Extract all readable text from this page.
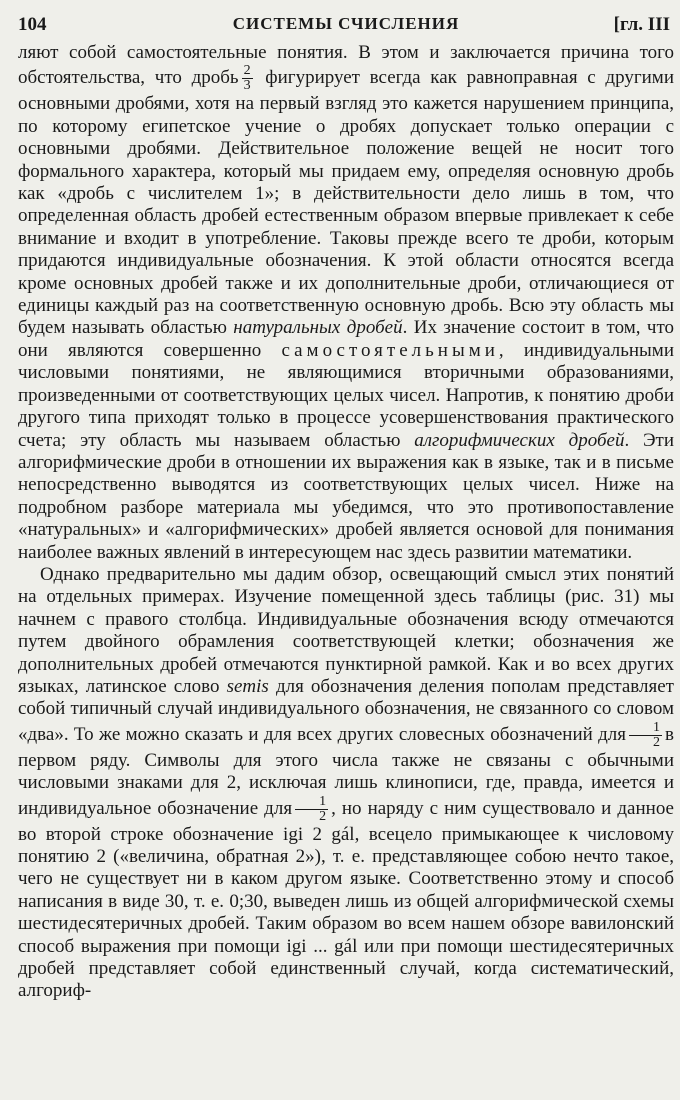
104	СИСТЕМЫ СЧИСЛЕНИЯ	[гл. III

ляют собой самостоятельные понятия. В этом и заключается причина того обстоятельства, что дробь $\frac{2}{3}$ фигурирует всегда как равноправная с другими основными дробями, хотя на первый взгляд это кажется нарушением принципа, по которому египетское учение о дробях допускает только операции с основными дробями. Действительное положение вещей не носит того формального характера, который мы придаем ему, определяя основную дробь как «дробь с числителем 1»; в действительности дело лишь в том, что определенная область дробей естественным образом впервые привлекает к себе внимание и входит в употребление. Таковы прежде всего те дроби, которым придаются индивидуальные обозначения. К этой области относятся всегда кроме основных дробей также и их дополнительные дроби, отличающиеся от единицы каждый раз на соответственную основную дробь. Всю эту область мы будем называть областью натуральных дробей. Их значение состоит в том, что они являются совершенно самостоятельными, индивидуальными числовыми понятиями, не являющимися вторичными образованиями, произведенными от соответствующих целых чисел. Напротив, к понятию дроби другого типа приходят только в процессе усовершенствования практического счета; эту область мы называем областью алгорифмических дробей. Эти алгорифмические дроби в отношении их выражения как в языке, так и в письме непосредственно выводятся из соответствующих целых чисел. Ниже на подробном разборе материала мы убедимся, что это противопоставление «натуральных» и «алгорифмических» дробей является основой для понимания наиболее важных явлений в интересующем нас здесь развитии математики.

Однако предварительно мы дадим обзор, освещающий смысл этих понятий на отдельных примерах. Изучение помещенной здесь таблицы (рис. 31) мы начнем с правого столбца. Индивидуальные обозначения всюду отмечаются путем двойного обрамления соответствующей клетки; обозначения же дополнительных дробей отмечаются пунктирной рамкой. Как и во всех других языках, латинское слово semis для обозначения деления пополам представляет собой типичный случай индивидуального обозначения, не связанного со словом «два». То же можно сказать и для всех других словесных обозначений для $\frac{1}{2}$ в первом ряду. Символы для этого числа также не связаны с обычными числовыми знаками для 2, исключая лишь клинописи, где, правда, имеется и индивидуальное обозначение для $\frac{1}{2}$ , но наряду с ним существовало и данное во второй строке обозначение igi 2 gál, всецело примыкающее к числовому понятию 2 («величина, обратная 2»), т. е. представляющее собою нечто такое, чего не существует ни в каком другом языке. Соответственно этому и способ написания в виде 30, т. е. 0;30, выведен лишь из общей алгорифмической схемы шестидесятеричных дробей. Таким образом во всем нашем обзоре вавилонский способ выражения при помощи igi ... gál или при помощи шестидесятеричных дробей представляет собой единственный случай, когда систематический, алгориф-
